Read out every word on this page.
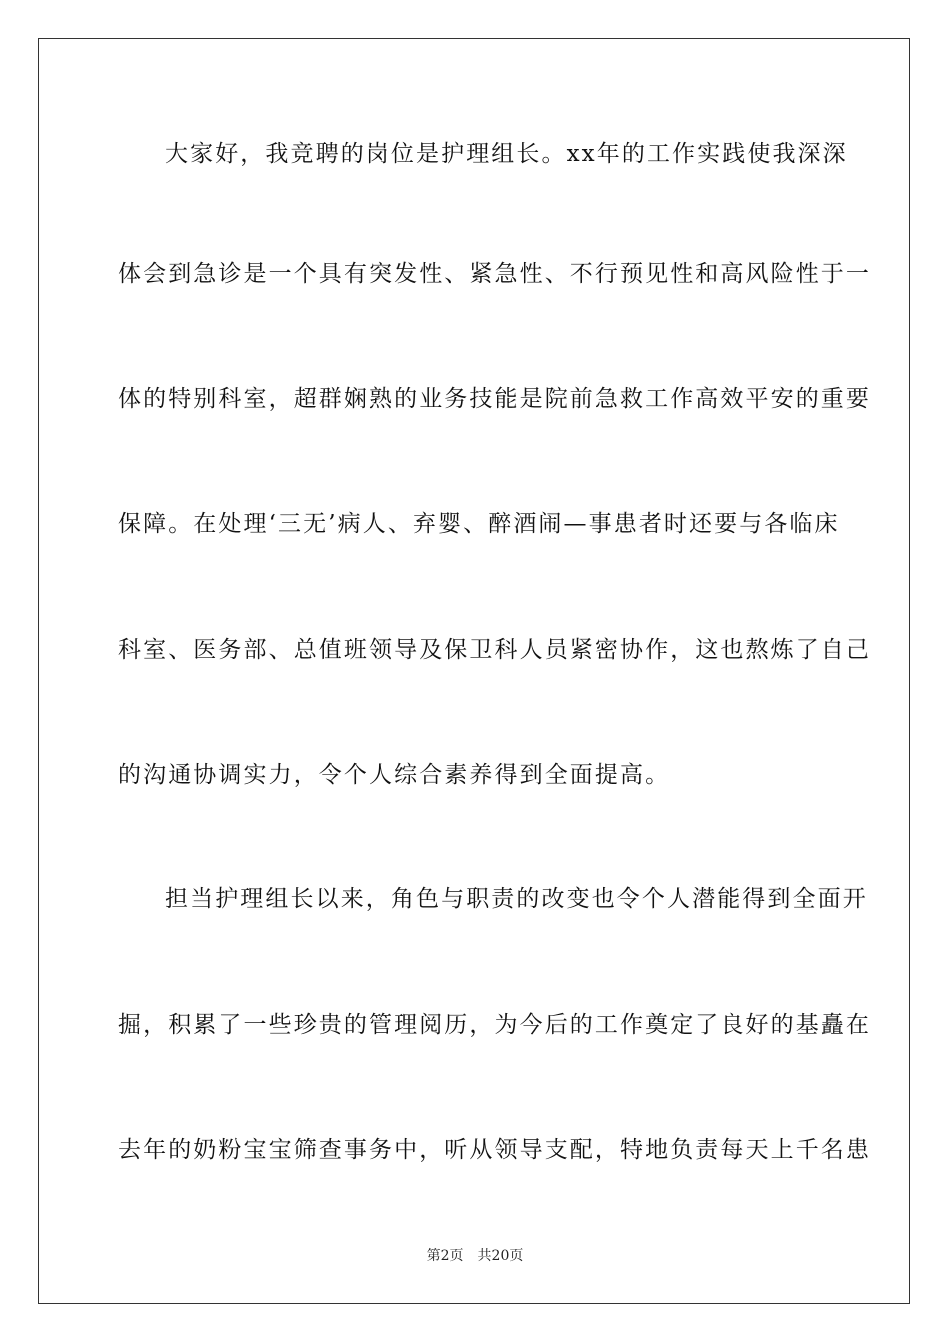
大家好，我竞聘的岗位是护理组长。xx年的工作实践使我深深
体会到急诊是一个具有突发性、紧急性、不行预见性和高风险性于一
体的特别科室，超群娴熟的业务技能是院前急救工作高效平安的重要
保障。在处理‘三无’病人、弃婴、醉酒闹—事患者时还要与各临床
科室、医务部、总值班领导及保卫科人员紧密协作，这也熬炼了自己
的沟通协调实力，令个人综合素养得到全面提高。
担当护理组长以来，角色与职责的改变也令个人潜能得到全面开
掘，积累了一些珍贵的管理阅历，为今后的工作奠定了良好的基矗在
去年的奶粉宝宝筛查事务中，听从领导支配，特地负责每天上千名患
第2页 共20页
